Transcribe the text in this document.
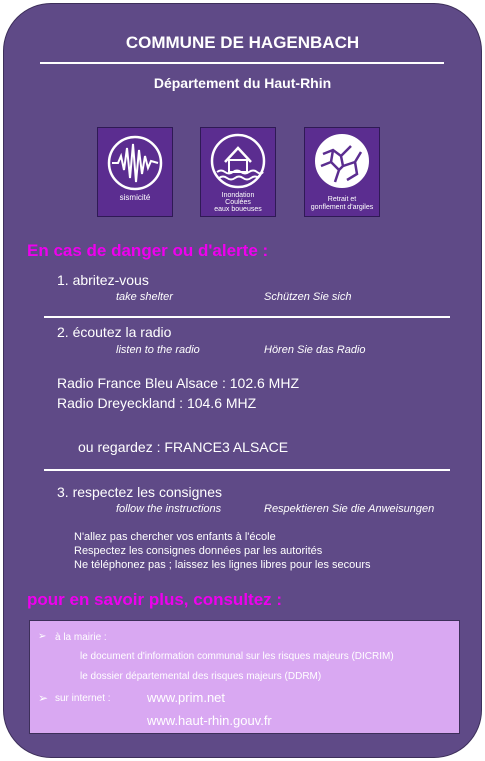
COMMUNE DE HAGENBACH
Département du Haut-Rhin
sismicité	Inondation
Coulées
eaux boueuses
Retrait et
gonflement d'argiles
En cas de danger ou d'alerte :
1. abritez-vous
take shelter	Schützen Sie sich
2. écoutez la radio
listen to the radio	Hören Sie das Radio
Radio France Bleu Alsace : 102.6 MHZ
Radio Dreyeckland : 104.6 MHZ
ou regardez : FRANCE3 ALSACE
3. respectez les consignes
follow the instructions	Respektieren Sie die Anweisungen
N'allez pas chercher vos enfants à l'école
Respectez les consignes données par les autorités
Ne téléphonez pas ; laissez les lignes libres pour les secours
pour en savoir plus, consultez :
➢ à la mairie :
le document d'information communal sur les risques majeurs (DICRIM)
le dossier départemental des risques majeurs (DDRM)
➢ sur internet :	www.prim.net
www.haut-rhin.gouv.fr
